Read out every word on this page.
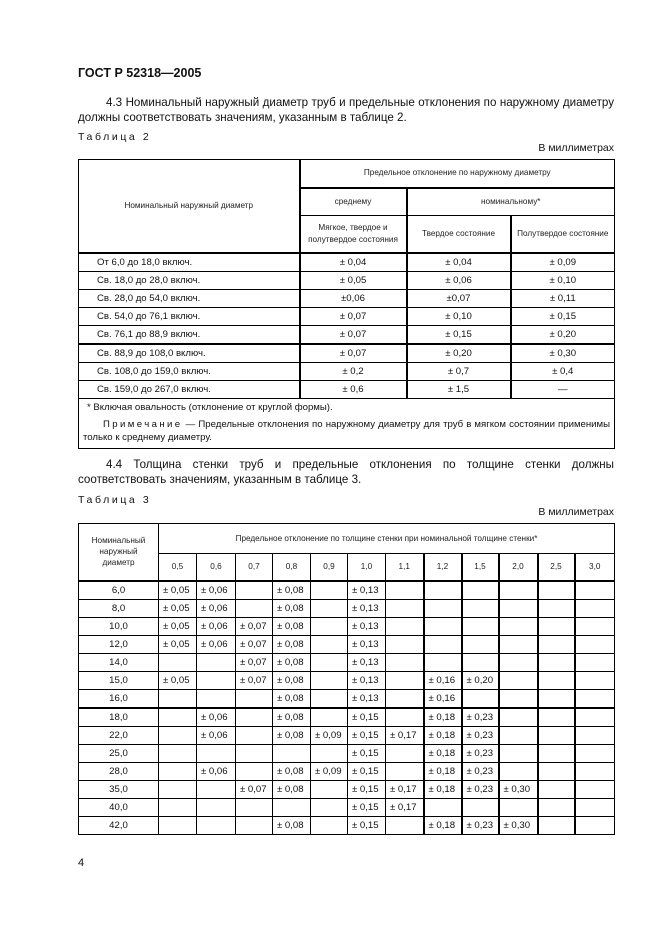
ГОСТ Р 52318—2005
4.3 Номинальный наружный диаметр труб и предельные отклонения по наружному диаметру должны соответствовать значениям, указанным в таблице 2.
Таблица 2
В миллиметрах
Номинальный наружный диаметр	Предельное отклонение по наружному диаметру		
	среднему	номинальному*	
	Мягкое, твердое и полутвердое состояния	Твердое состояние	Полутвердое состояние
От 6,0 до 18,0 включ.	± 0,04	± 0,04	± 0,09
Св. 18,0 до 28,0 включ.	± 0,05	± 0,06	± 0,10
Св. 28,0 до 54,0 включ.	±0,06	±0,07	± 0,11
Св. 54,0 до 76,1 включ.	± 0,07	± 0,10	± 0,15
Св. 76,1 до 88,9 включ.	± 0,07	± 0,15	± 0,20
Св. 88,9 до 108,0 включ.	± 0,07	± 0,20	± 0,30
Св. 108,0 до 159,0 включ.	± 0,2	± 0,7	± 0,4
Св. 159,0 до 267,0 включ.	± 0,6	± 1,5	—
* Включая овальность (отклонение от круглой формы).			
Примечание — Предельные отклонения по наружному диаметру для труб в мягком состоянии применимы только к среднему диаметру.			
4.4 Толщина стенки труб и предельные отклонения по толщине стенки должны соответствовать значениям, указанным в таблице 3.
Таблица 3
В миллиметрах
Номинальный наружный диаметр	Предельное отклонение по толщине стенки при номинальной толщине стенки*											
	0,5	0,6	0,7	0,8	0,9	1,0	1,1	1,2	1,5	2,0	2,5	3,0
6,0	± 0,05	± 0,06		± 0,08		± 0,13						
8,0	± 0,05	± 0,06		± 0,08		± 0,13						
10,0	± 0,05	± 0,06	± 0,07	± 0,08		± 0,13						
12,0	± 0,05	± 0,06	± 0,07	± 0,08		± 0,13						
14,0			± 0,07	± 0,08		± 0,13						
15,0	± 0,05		± 0,07	± 0,08		± 0,13		± 0,16	± 0,20			
16,0				± 0,08		± 0,13		± 0,16				
18,0		± 0,06		± 0,08		± 0,15		± 0,18	± 0,23			
22,0		± 0,06		± 0,08	± 0,09	± 0,15	± 0,17	± 0,18	± 0,23			
25,0						± 0,15		± 0,18	± 0,23			
28,0		± 0,06		± 0,08	± 0,09	± 0,15		± 0,18	± 0,23			
35,0			± 0,07	± 0,08		± 0,15	± 0,17	± 0,18	± 0,23	± 0,30		
40,0						± 0,15	± 0,17					
42,0				± 0,08		± 0,15		± 0,18	± 0,23	± 0,30		
4
